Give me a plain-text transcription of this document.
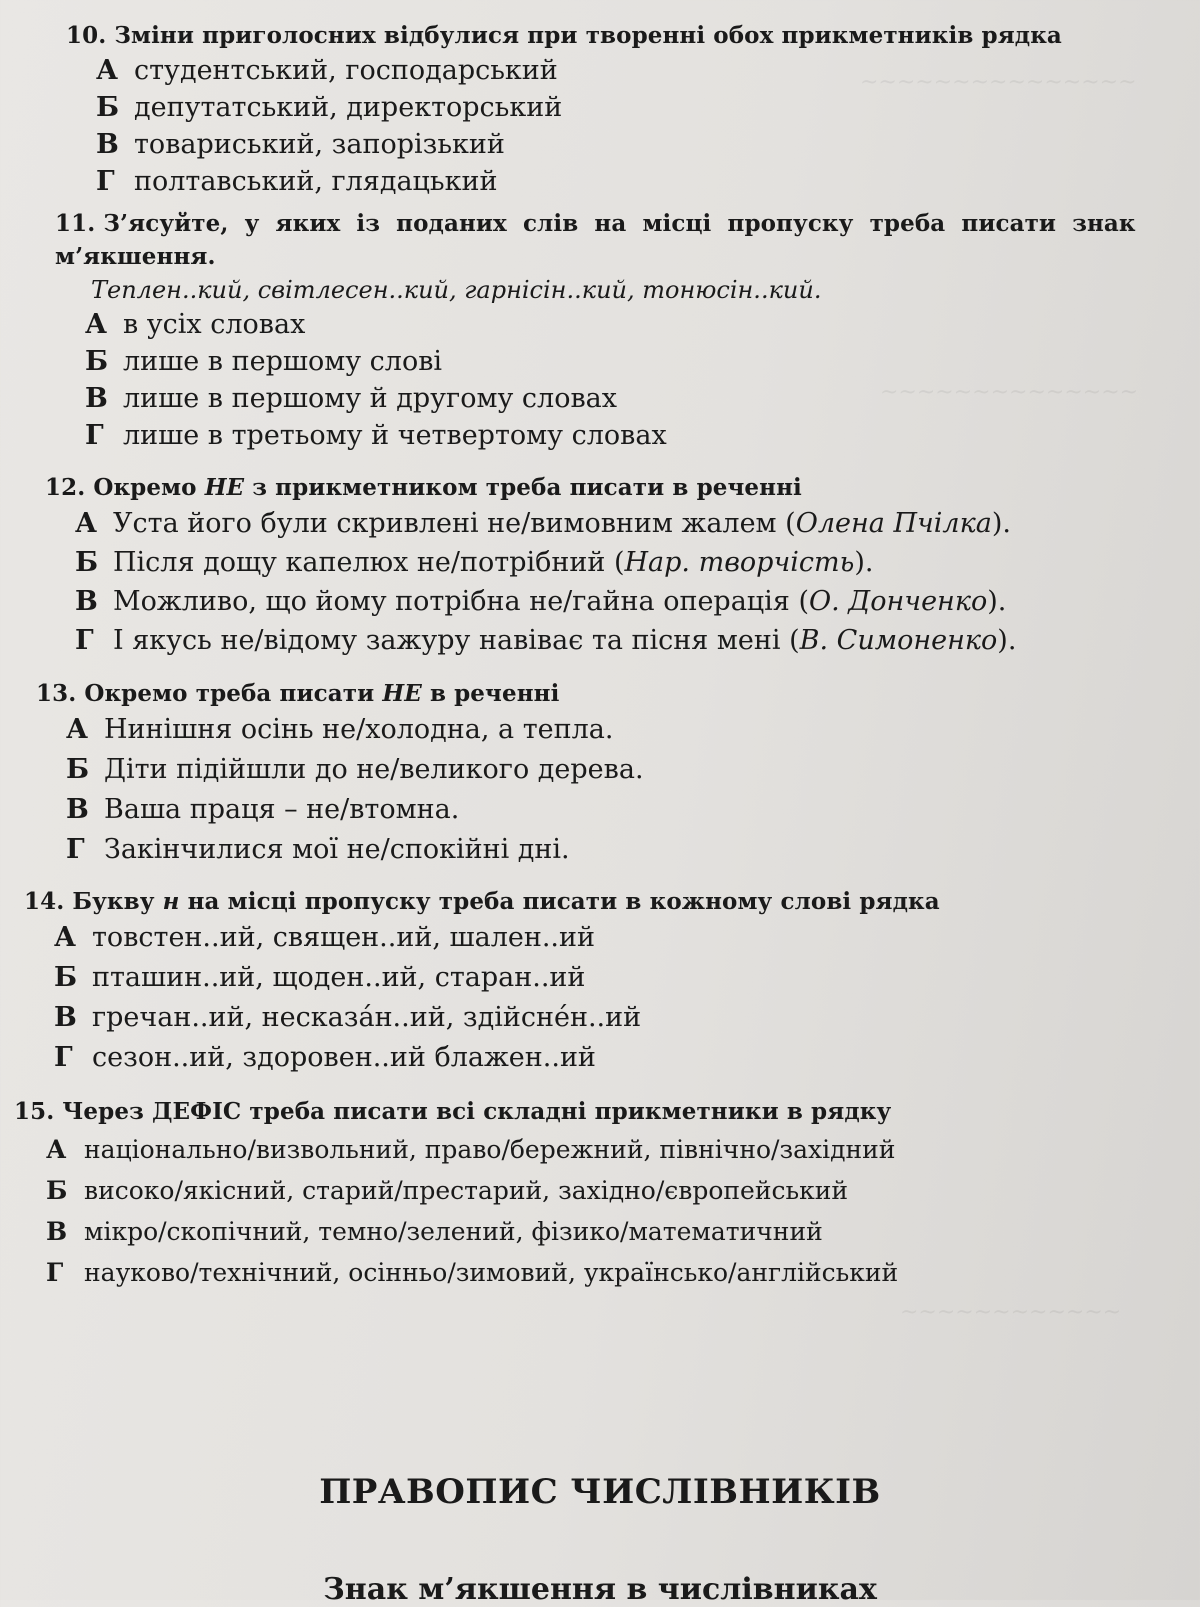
~~~~~~~~~~~~~~~
~~~~~~~~~~~~~~
~~~~~~~~~~~~
10. Зміни приголосних відбулися при творенні обох прикметників рядка
А студентський, господарський
Б депутатський, директорський
В товариський, запорізький
Г полтавський, глядацький
11. З’ясуйте, у яких із поданих слів на місці пропуску треба писати знак
м’якшення.
Теплен..кий, світлесен..кий, гарнісін..кий, тонюсін..кий.
А в усіх словах
Б лише в першому слові
В лише в першому й другому словах
Г лише в третьому й четвертому словах
12. Окремо НЕ з прикметником треба писати в реченні
А Уста його були скривлені не/вимовним жалем (Олена Пчілка).
Б Після дощу капелюх не/потрібний (Нар. творчість).
В Можливо, що йому потрібна не/гайна операція (О. Донченко).
Г І якусь не/відому зажуру навіває та пісня мені (В. Симоненко).
13. Окремо треба писати НЕ в реченні
А Нинішня осінь не/холодна, а тепла.
Б Діти підійшли до не/великого дерева.
В Ваша праця – не/втомна.
Г Закінчилися мої не/спокійні дні.
14. Букву н на місці пропуску треба писати в кожному слові рядка
А товстен..ий, священ..ий, шален..ий
Б пташин..ий, щоден..ий, старан..ий
В гречан..ий, несказа́н..ий, здійсне́н..ий
Г сезон..ий, здоровен..ий блажен..ий
15. Через ДЕФІС треба писати всі складні прикметники в рядку
А національно/визвольний, право/бережний, північно/західний
Б високо/якісний, старий/престарий, західно/європейський
В мікро/скопічний, темно/зелений, фізико/математичний
Г науково/технічний, осінньо/зимовий, українсько/англійський
ПРАВОПИС ЧИСЛІВНИКІВ
Знак м’якшення в числівниках
